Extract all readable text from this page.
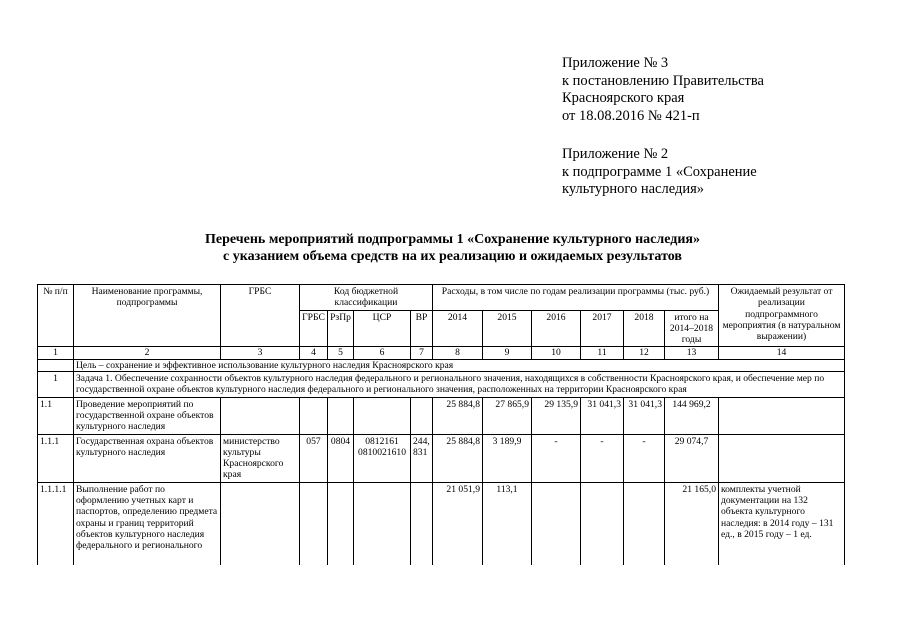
Приложение № 3
к постановлению Правительства
Красноярского края
от 18.08.2016 № 421-п
Приложение № 2
к подпрограмме 1 «Сохранение
культурного наследия»
Перечень мероприятий подпрограммы 1 «Сохранение культурного наследия»
с указанием объема средств на их реализацию и ожидаемых результатов
№ п/п	Наименование программы, подпрограммы	ГРБС	Код бюджетной классификации				Расходы, в том числе по годам реализации программы (тыс. руб.)						Ожидаемый результат от реализации подпрограммного мероприятия (в натуральном выражении)
			ГРБС	РзПр	ЦСР	ВР	2014	2015	2016	2017	2018	итого на 2014–2018 годы	
1	2	3	4	5	6	7	8	9	10	11	12	13	14
	Цель – сохранение и эффективное использование культурного наследия Красноярского края												
1	Задача 1. Обеспечение сохранности объектов культурного наследия федерального и регионального значения, находящихся в собственности Красноярского края, и обеспечение мер по государственной охране объектов культурного наследия федерального и регионального значения, расположенных на территории Красноярского края												
1.1	Проведение мероприятий по государственной охране объектов культурного наследия						25 884,8	27 865,9	29 135,9	31 041,3	31 041,3	144 969,2	
1.1.1	Государственная охрана объектов культурного наследия	министерство культуры Красноярского края	057	0804	0812161 0810021610	244, 831	25 884,8	3 189,9	-	-	-	29 074,7	
1.1.1.1	Выполнение работ по оформлению учетных карт и паспортов, определению предмета охраны и границ территорий объектов культурного наследия федерального и регионального						21 051,9	113,1				21 165,0	комплекты учетной документации на 132 объекта культурного наследия: в 2014 году – 131 ед., в 2015 году – 1 ед.
